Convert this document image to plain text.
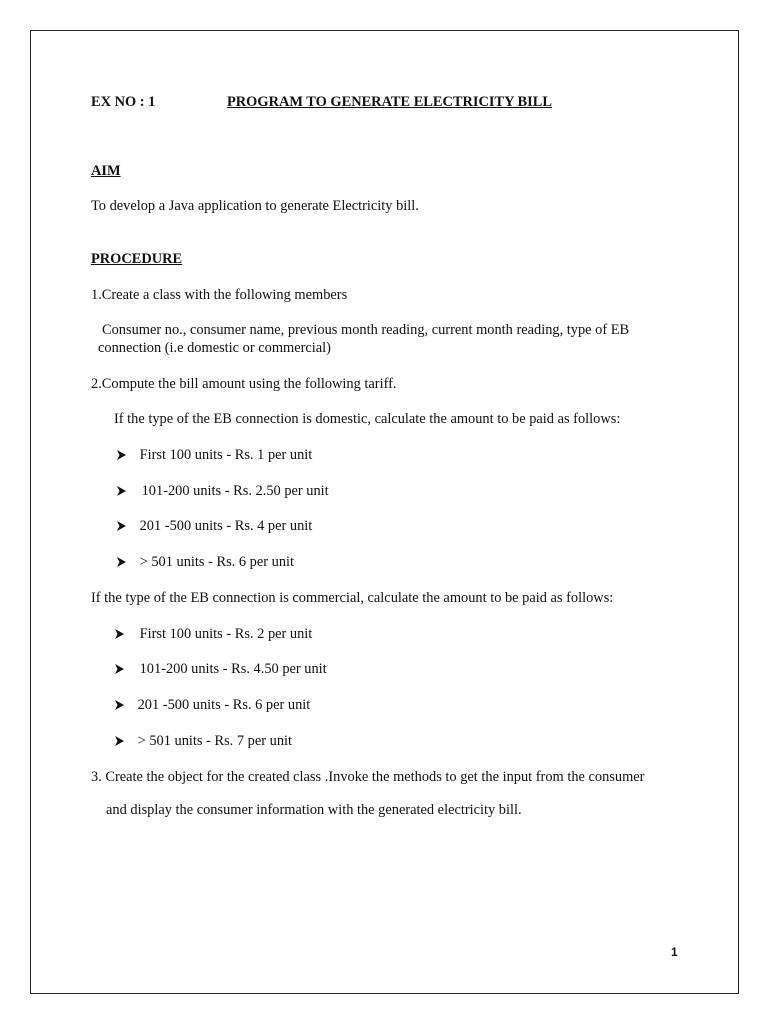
EX NO : 1	PROGRAM TO GENERATE ELECTRICITY BILL
AIM
To develop a Java application to generate Electricity bill.
PROCEDURE
1.Create a class with the following members
Consumer no., consumer name, previous month reading, current month reading, type of EB
connection (i.e domestic or commercial)
2.Compute the bill amount using the following tariff.
If the type of the EB connection is domestic, calculate the amount to be paid as follows:
First 100 units - Rs. 1 per unit
101-200 units - Rs. 2.50 per unit
201 -500 units - Rs. 4 per unit
> 501 units - Rs. 6 per unit
If the type of the EB connection is commercial, calculate the amount to be paid as follows:
First 100 units - Rs. 2 per unit
101-200 units - Rs. 4.50 per unit
201 -500 units - Rs. 6 per unit
> 501 units - Rs. 7 per unit
3. Create the object for the created class .Invoke the methods to get the input from the consumer
and display the consumer information with the generated electricity bill.
1
